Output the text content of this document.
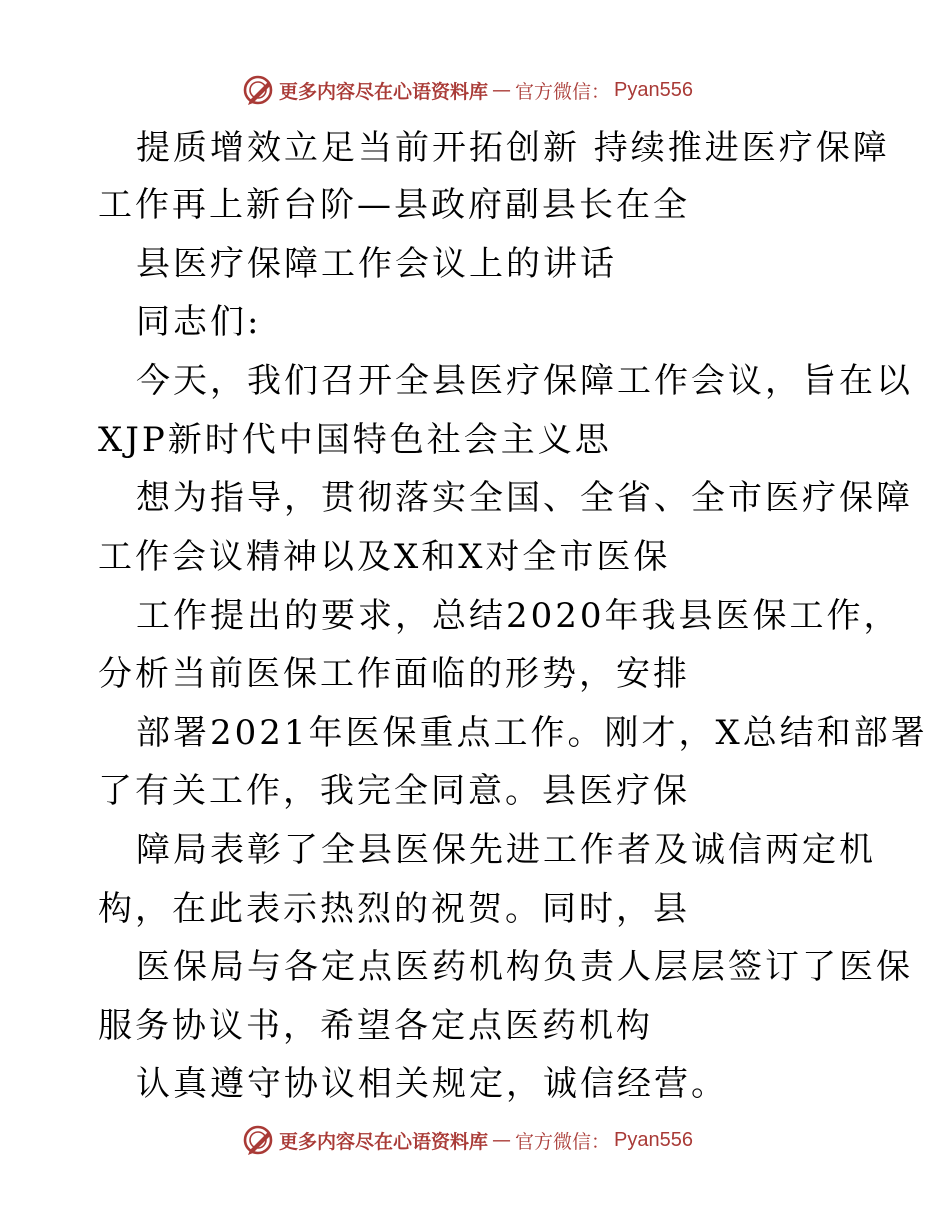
更多内容尽在心语资料库 — 官方微信： Pyan556
提质增效立足当前开拓创新 持续推进医疗保障
工作再上新台阶—县政府副县长在全
县医疗保障工作会议上的讲话
同志们:
今天，我们召开全县医疗保障工作会议，旨在以
XJP新时代中国特色社会主义思
想为指导，贯彻落实全国、全省、全市医疗保障
工作会议精神以及X和X对全市医保
工作提出的要求，总结2020年我县医保工作，
分析当前医保工作面临的形势，安排
部署2021年医保重点工作。刚才，X总结和部署
了有关工作，我完全同意。县医疗保
障局表彰了全县医保先进工作者及诚信两定机
构，在此表示热烈的祝贺。同时，县
医保局与各定点医药机构负责人层层签订了医保
服务协议书，希望各定点医药机构
认真遵守协议相关规定，诚信经营。
更多内容尽在心语资料库 — 官方微信： Pyan556
